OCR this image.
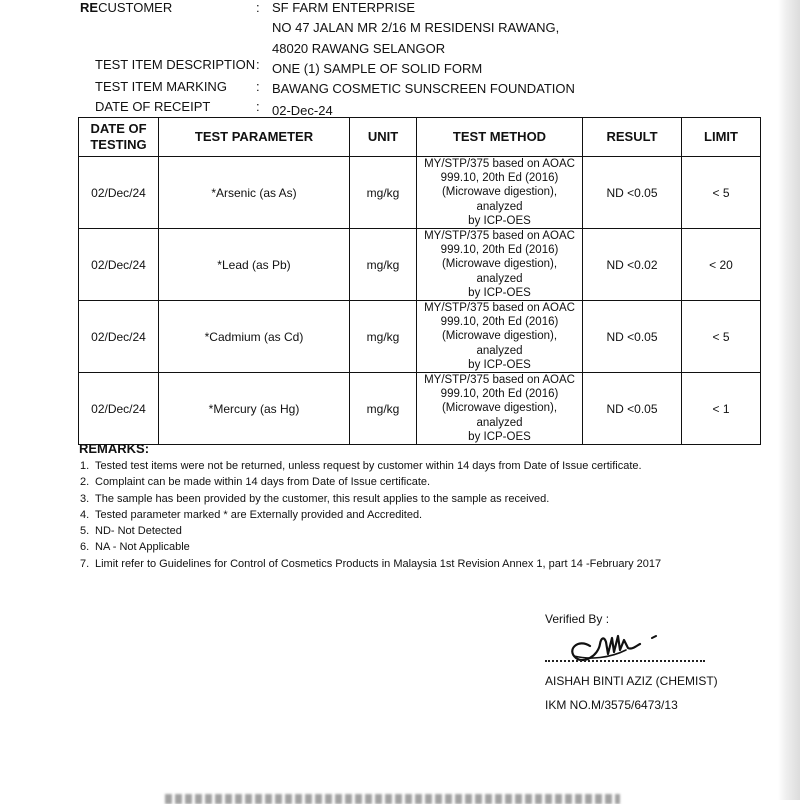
RECUSTOMER	: SF FARM ENTERPRISE
NO 47 JALAN MR 2/16 M RESIDENSI RAWANG,
48020 RAWANG SELANGOR
TEST ITEM DESCRIPTION : ONE (1) SAMPLE OF SOLID FORM
TEST ITEM MARKING : BAWANG COSMETIC SUNSCREEN FOUNDATION
DATE OF RECEIPT	: 02-Dec-24
DATE OF
TESTING	TEST PARAMETER	UNIT	TEST METHOD	RESULT	LIMIT
02/Dec/24	*Arsenic (as As)	mg/kg	MY/STP/375 based on AOAC
999.10, 20th Ed (2016)
(Microwave digestion), analyzed
by ICP-OES	ND <0.05	< 5
02/Dec/24	*Lead (as Pb)	mg/kg	MY/STP/375 based on AOAC
999.10, 20th Ed (2016)
(Microwave digestion), analyzed
by ICP-OES	ND <0.02	< 20
02/Dec/24	*Cadmium (as Cd)	mg/kg	MY/STP/375 based on AOAC
999.10, 20th Ed (2016)
(Microwave digestion), analyzed
by ICP-OES	ND <0.05	< 5
02/Dec/24	*Mercury (as Hg)	mg/kg	MY/STP/375 based on AOAC
999.10, 20th Ed (2016)
(Microwave digestion), analyzed
by ICP-OES	ND <0.05	< 1
REMARKS:
1. Tested test items were not be returned, unless request by customer within 14 days from Date of Issue certificate.
2. Complaint can be made within 14 days from Date of Issue certificate.
3. The sample has been provided by the customer, this result applies to the sample as received.
4. Tested parameter marked * are Externally provided and Accredited.
5. ND- Not Detected
6. NA - Not Applicable
7. Limit refer to Guidelines for Control of Cosmetics Products in Malaysia 1st Revision Annex 1, part 14 -February 2017
Verified By :
AISHAH BINTI AZIZ (CHEMIST)
IKM NO.M/3575/6473/13
